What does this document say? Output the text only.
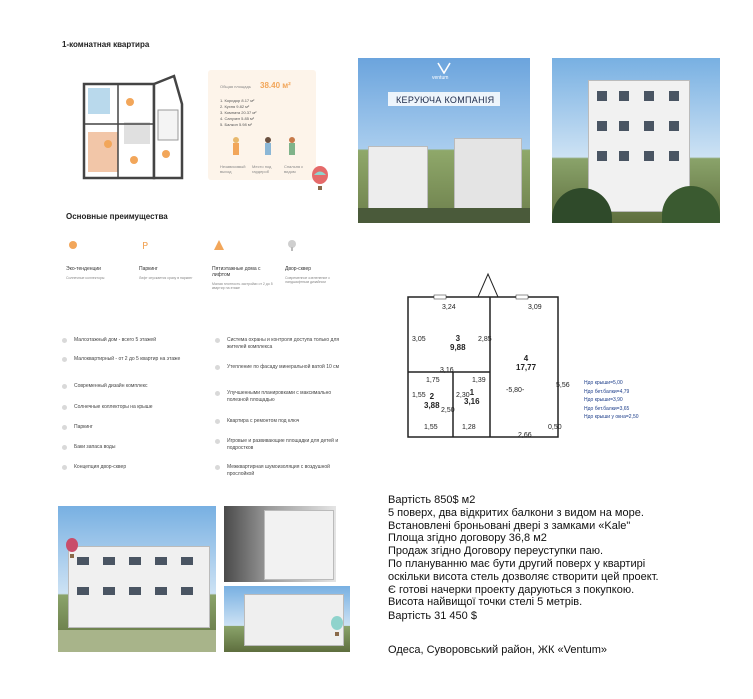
1-комнатная квартира
Общая площадь 38.40 м²
1. Коридор 8.17 м²
2. Кухня 9.82 м²
3. Комната 20.37 м²
4. Санузел 5.85 м²
5. Балкон 5.98 м²
Независимый выход
Место под гардероб
Спальня с видом
ventum
КЕРУЮЧА КОМПАНІЯ
Основные преимущества
P
Эко-тенденции
Солнечные коллекторы
Паркинг
Лифт спускается сразу в паркинг
Пятиэтажные дома с лифтом
Малая плотность застройки от 2 до 5 квартир на этаже
Двор-сквер
Современное озеленение с ландшафтным дизайном
Малоэтажный дом - всего 5 этажей
Малоквартирный - от 2 до 5 квартир на этаже
Современный дизайн комплекс
Солнечные коллекторы на крыше
Паркинг
Баки запаса воды
Концепция двор-сквер
Система охраны и контроля доступа только для жителей комплекса
Утепление по фасаду минеральной ватой 10 см
Улучшенными планировками с максимально полезной площадью
Квартира с ремонтом под ключ
Игровые и развивающие площадки для детей и подростков
Межквартирная шумоизоляция с воздушной прослойкой
3,24	3,09
3,05	2,85
3,16
1,75	1,39
1,55	2,30
2,50
1,55	1,28
2,66
0,50
5,56
-5,80-
3
9,88
4
17,77
2
3,88
1
3,16
Hдо крыши=5,00
Hдо бет.балки=4,79
Hдо крыши=3,90
Hдо бет.балки=3,65
Hдо крыши у окна=2,50
Вартість 850$ м2
5 поверх, два відкритих балкони з видом на море.
Встановлені броньовані двері з замками «Kale"
Площа згідно договору 36,8 м2
Продаж згідно Договору переуступки паю.
По плануванню має бути другий поверх у квартирі
оскільки висота стель дозволяє створити цей проект.
Є готові начерки проекту даруються з покупкою.
Висота найвищої точки стелі 5 метрів.
Вартість 31 450 $
Одеса, Суворовський район, ЖК «Ventum»
